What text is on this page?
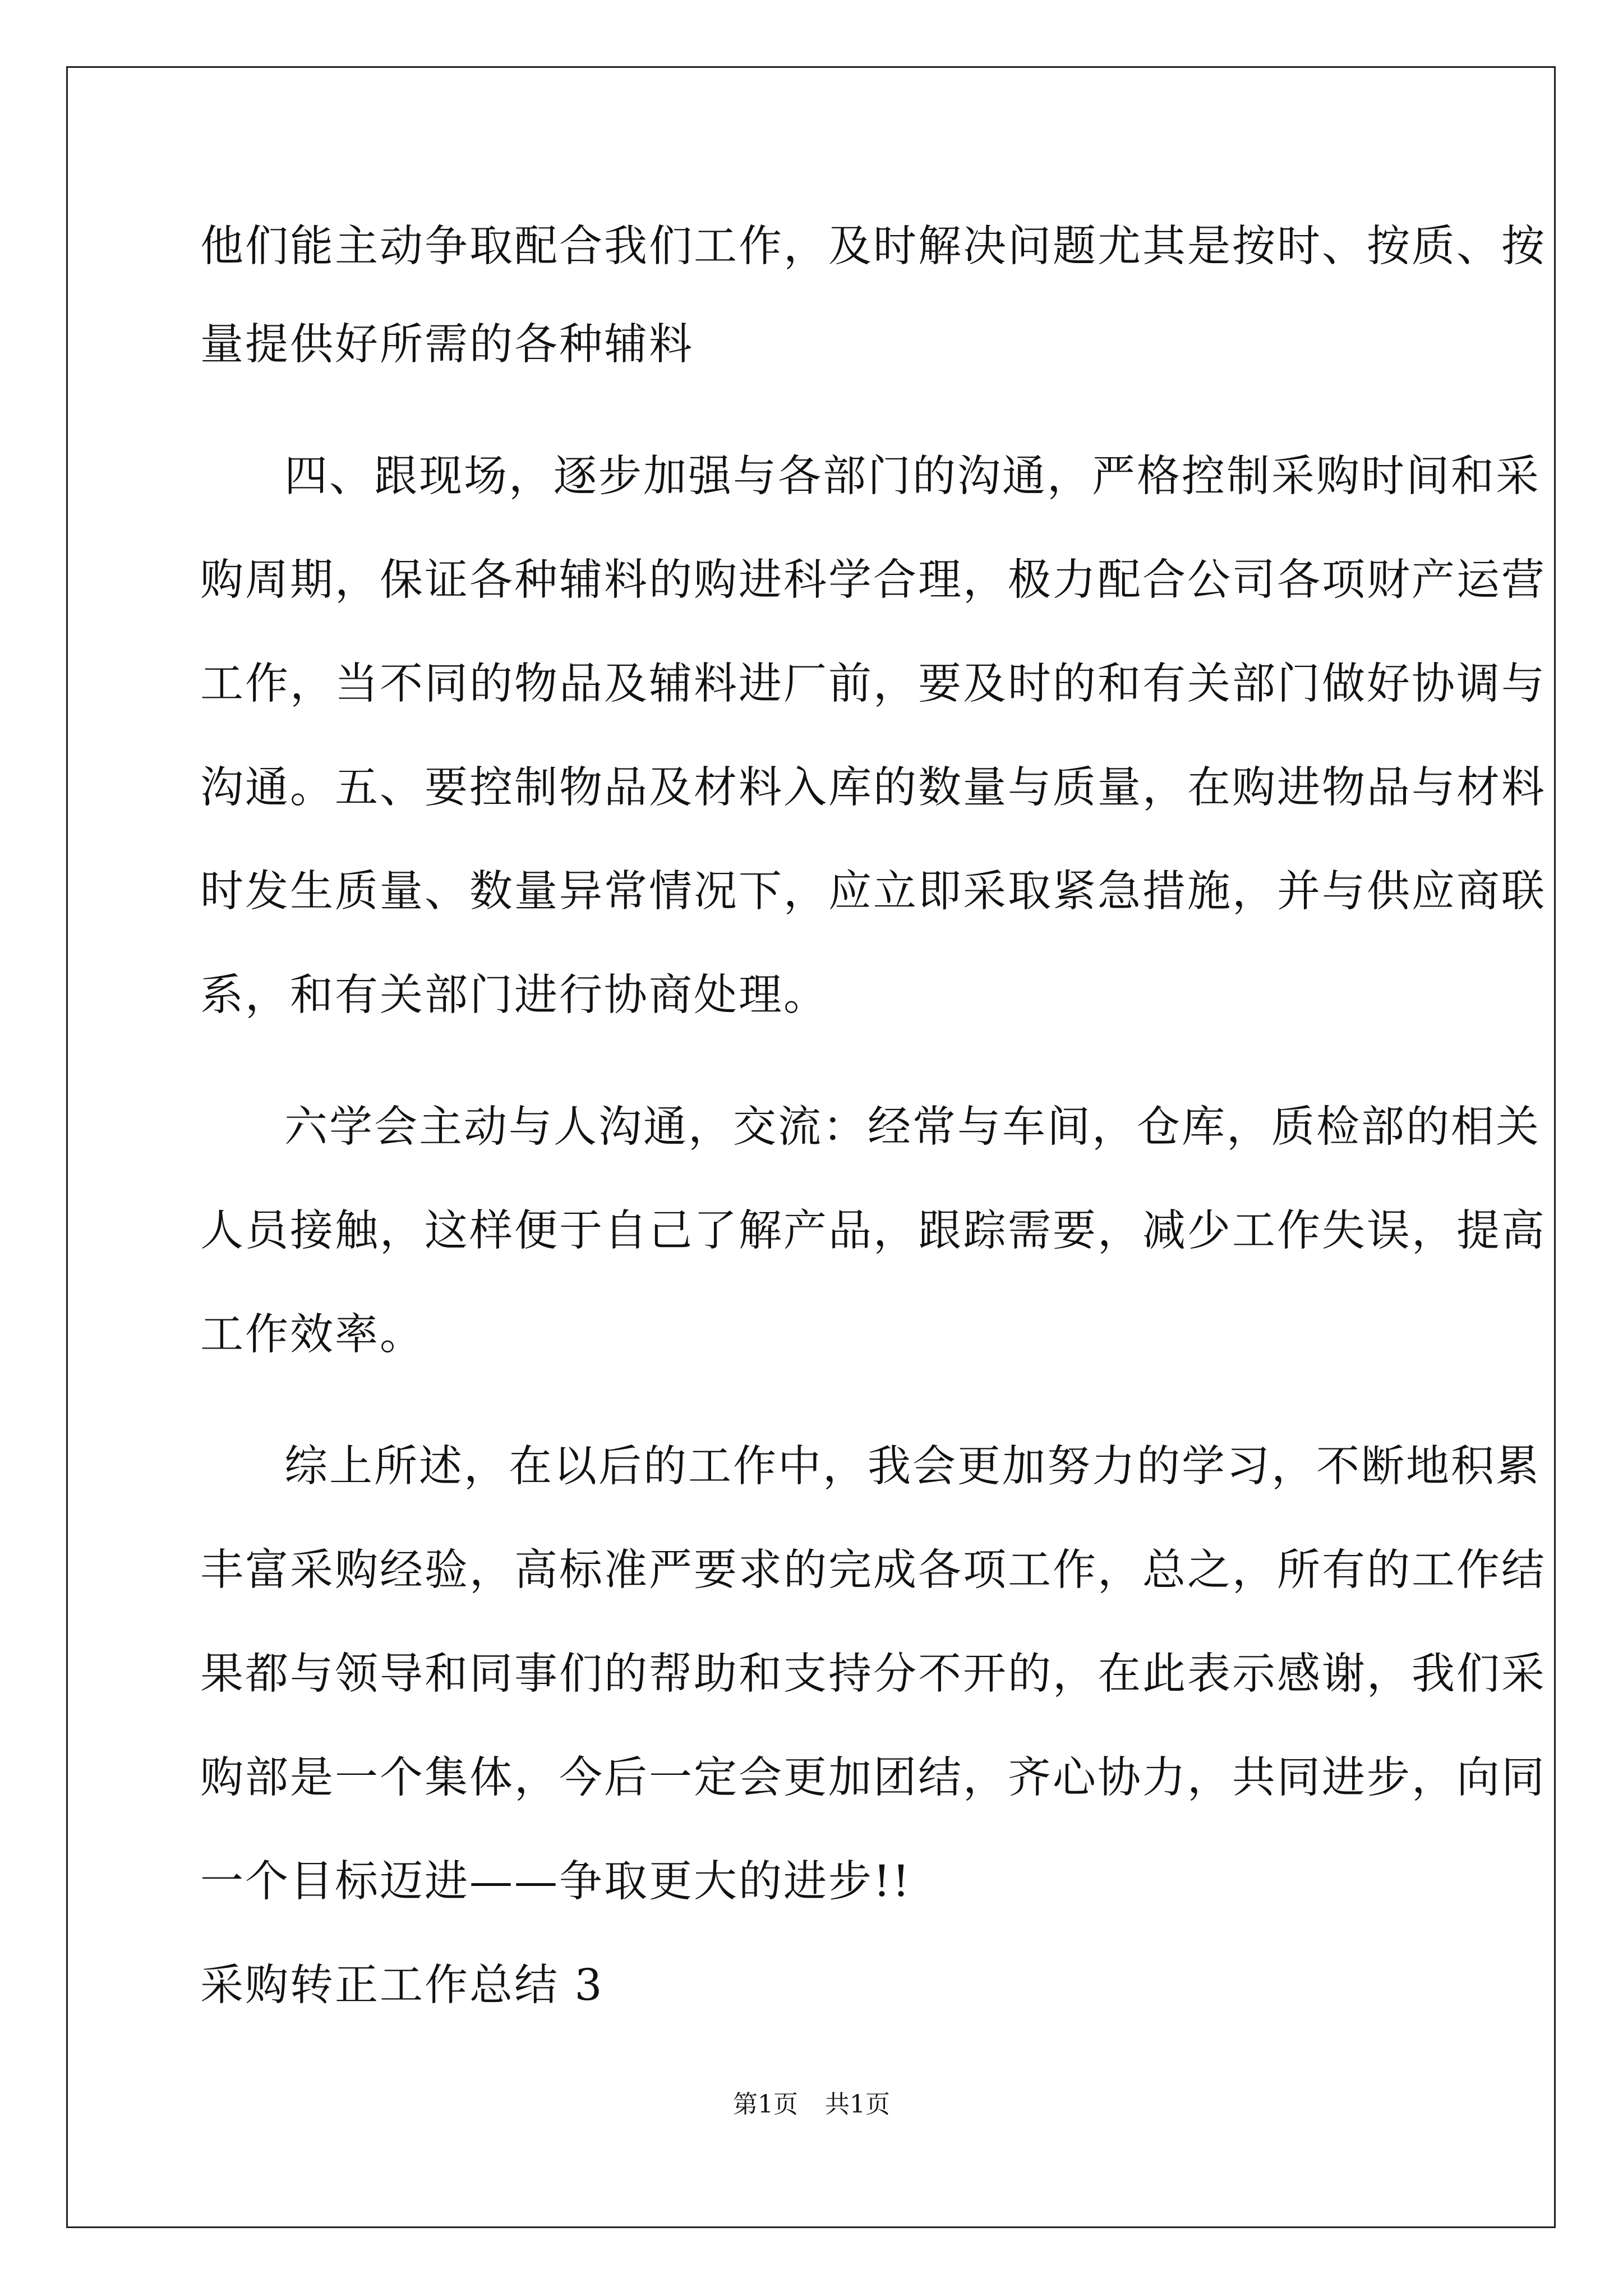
他们能主动争取配合我们工作，及时解决问题尤其是按时、按质、按
量提供好所需的各种辅料
四、跟现场，逐步加强与各部门的沟通，严格控制采购时间和采
购周期，保证各种辅料的购进科学合理，极力配合公司各项财产运营
工作，当不同的物品及辅料进厂前，要及时的和有关部门做好协调与
沟通。五、要控制物品及材料入库的数量与质量，在购进物品与材料
时发生质量、数量异常情况下，应立即采取紧急措施，并与供应商联
系，和有关部门进行协商处理。
六学会主动与人沟通，交流：经常与车间，仓库，质检部的相关
人员接触，这样便于自己了解产品，跟踪需要，减少工作失误，提高
工作效率。
综上所述，在以后的工作中，我会更加努力的学习，不断地积累
丰富采购经验，高标准严要求的完成各项工作，总之，所有的工作结
果都与领导和同事们的帮助和支持分不开的，在此表示感谢，我们采
购部是一个集体，今后一定会更加团结，齐心协力，共同进步，向同
一个目标迈进——争取更大的进步!!
采购转正工作总结 3
第1页 共1页
